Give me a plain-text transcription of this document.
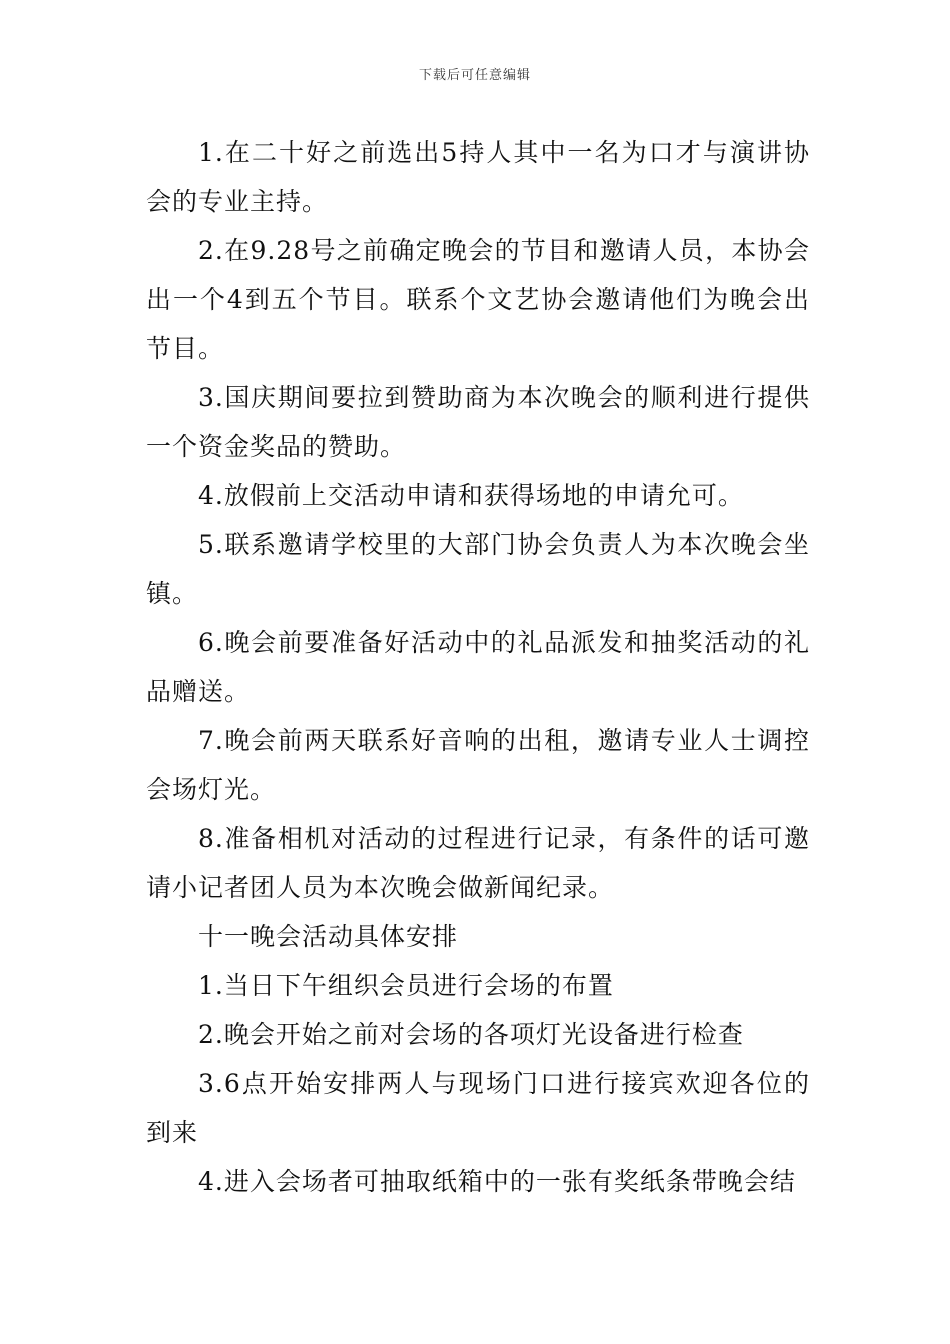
下载后可任意编辑

1.在二十好之前选出5持人其中一名为口才与演讲协会的专业主持。

2.在9.28号之前确定晚会的节目和邀请人员，本协会出一个4到五个节目。联系个文艺协会邀请他们为晚会出节目。

3.国庆期间要拉到赞助商为本次晚会的顺利进行提供一个资金奖品的赞助。

4.放假前上交活动申请和获得场地的申请允可。

5.联系邀请学校里的大部门协会负责人为本次晚会坐镇。

6.晚会前要准备好活动中的礼品派发和抽奖活动的礼品赠送。

7.晚会前两天联系好音响的出租，邀请专业人士调控会场灯光。

8.准备相机对活动的过程进行记录，有条件的话可邀请小记者团人员为本次晚会做新闻纪录。

十一晚会活动具体安排

1.当日下午组织会员进行会场的布置

2.晚会开始之前对会场的各项灯光设备进行检查

3.6点开始安排两人与现场门口进行接宾欢迎各位的到来

4.进入会场者可抽取纸箱中的一张有奖纸条带晚会结
